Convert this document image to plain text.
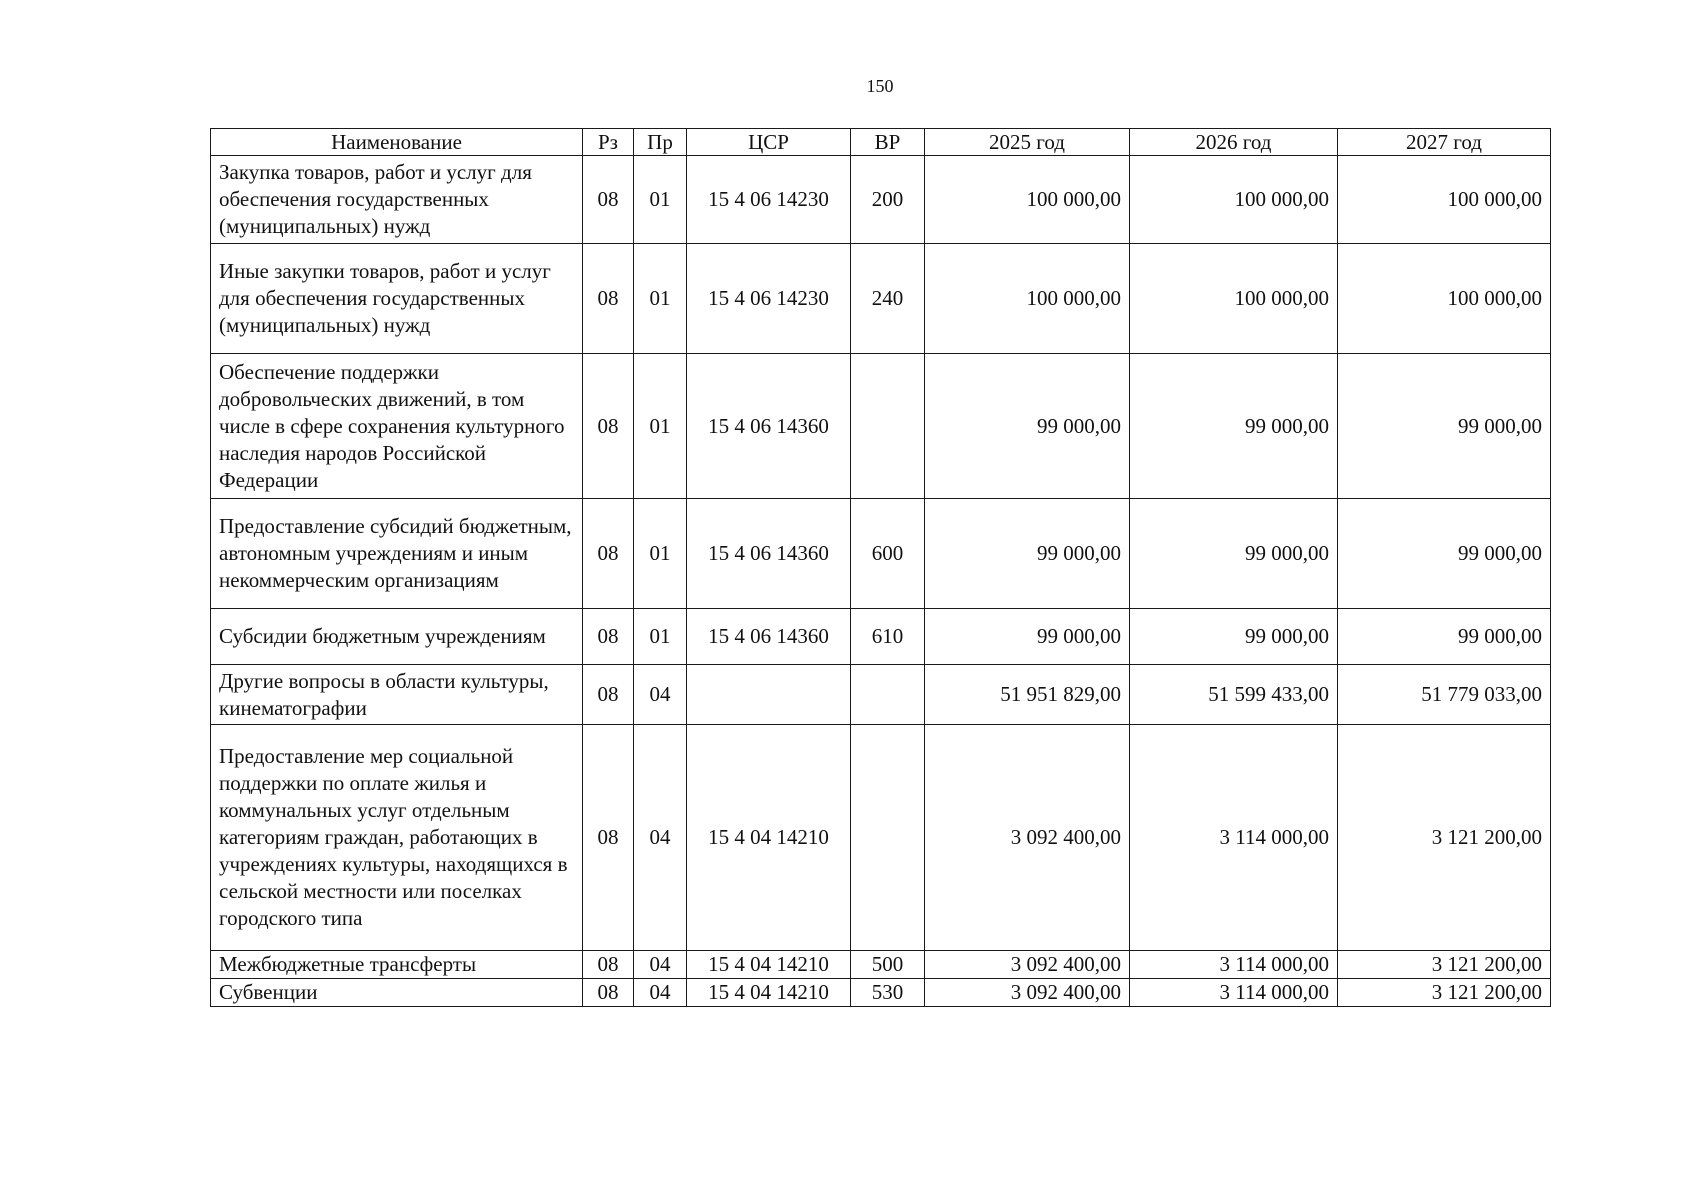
150
Наименование	Рз	Пр	ЦСР	ВР	2025 год	2026 год	2027 год
Закупка товаров, работ и услуг для обеспечения государственных (муниципальных) нужд	08	01	15 4 06 14230	200	100 000,00	100 000,00	100 000,00
Иные закупки товаров, работ и услуг для обеспечения государственных (муниципальных) нужд	08	01	15 4 06 14230	240	100 000,00	100 000,00	100 000,00
Обеспечение поддержки добровольческих движений, в том числе в сфере сохранения культурного наследия народов Российской Федерации	08	01	15 4 06 14360		99 000,00	99 000,00	99 000,00
Предоставление субсидий бюджетным, автономным учреждениям и иным некоммерческим организациям	08	01	15 4 06 14360	600	99 000,00	99 000,00	99 000,00
Субсидии бюджетным учреждениям	08	01	15 4 06 14360	610	99 000,00	99 000,00	99 000,00
Другие вопросы в области культуры, кинематографии	08	04			51 951 829,00	51 599 433,00	51 779 033,00
Предоставление мер социальной поддержки по оплате жилья и коммунальных услуг отдельным категориям граждан, работающих в учреждениях культуры, находящихся в сельской местности или поселках городского типа	08	04	15 4 04 14210		3 092 400,00	3 114 000,00	3 121 200,00
Межбюджетные трансферты	08	04	15 4 04 14210	500	3 092 400,00	3 114 000,00	3 121 200,00
Субвенции	08	04	15 4 04 14210	530	3 092 400,00	3 114 000,00	3 121 200,00
